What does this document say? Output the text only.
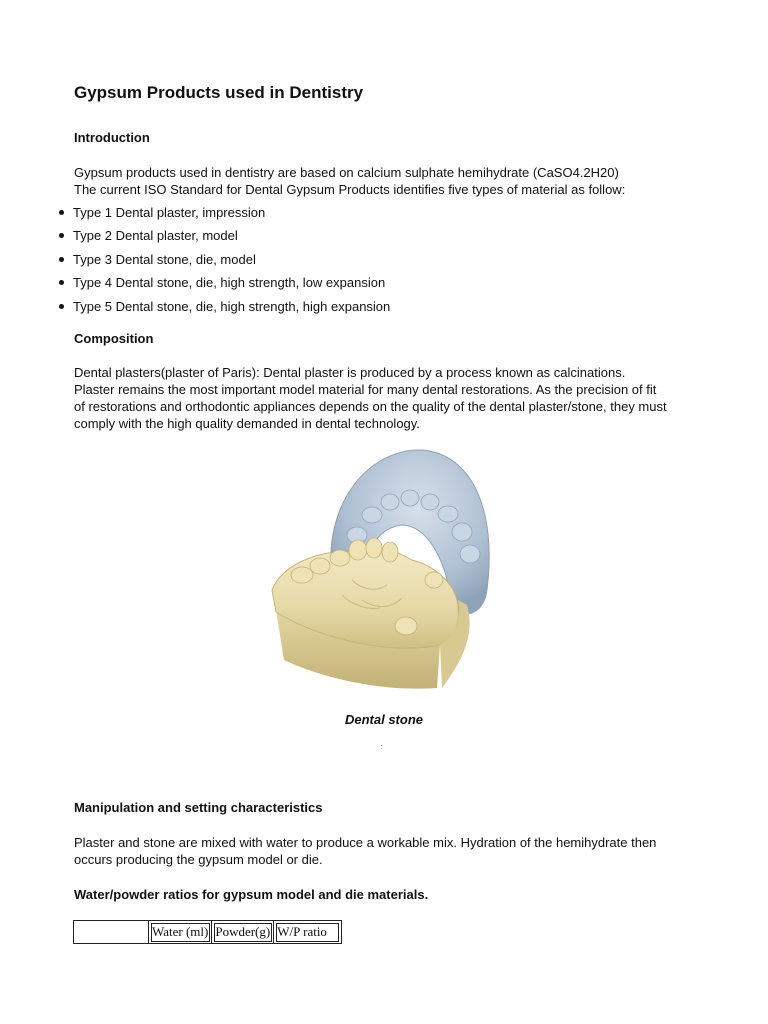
Gypsum Products used in Dentistry
Introduction

Gypsum products used in dentistry are based on calcium sulphate hemihydrate (CaSO4.2H20)
The current ISO Standard for Dental Gypsum Products identifies five types of material as follow:

Type 1 Dental plaster, impression
Type 2 Dental plaster, model
Type 3 Dental stone, die, model
Type 4 Dental stone, die, high strength, low expansion
Type 5 Dental stone, die, high strength, high expansion
Composition

Dental plasters(plaster of Paris): Dental plaster is produced by a process known as calcinations.
Plaster remains the most important model material for many dental restorations. As the precision of fit
of restorations and orthodontic appliances depends on the quality of the dental plaster/stone, they must
comply with the high quality demanded in dental technology.

Dental stone

Manipulation and setting characteristics

Plaster and stone are mixed with water to produce a workable mix. Hydration of the hemihydrate then
occurs producing the gypsum model or die.

Water/powder ratios for gypsum model and die materials.
	Water (ml)	Powder(g)	W/P ratio
